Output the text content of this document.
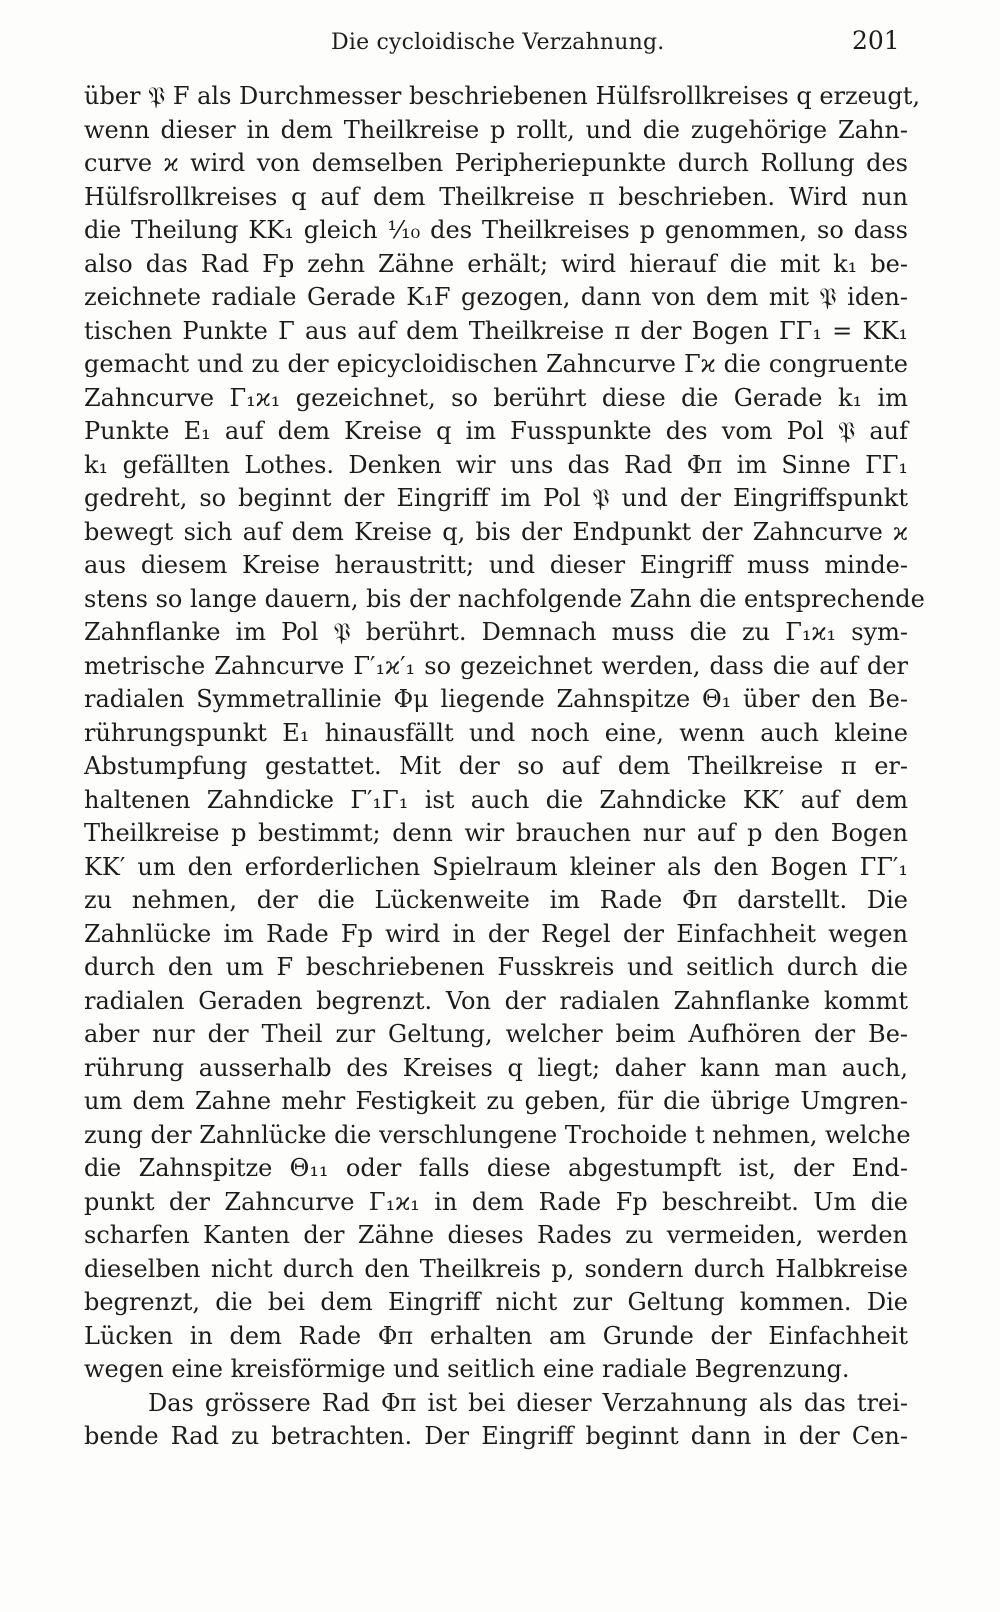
Die cycloidische Verzahnung.	201
über 𝔓 F als Durchmesser beschriebenen Hülfsrollkreises q erzeugt,
wenn dieser in dem Theilkreise p rollt, und die zugehörige Zahn-
curve ϰ wird von demselben Peripheriepunkte durch Rollung des
Hülfsrollkreises q auf dem Theilkreise π beschrieben. Wird nun
die Theilung KK₁ gleich ¹⁄₁₀ des Theilkreises p genommen, so dass
also das Rad Fp zehn Zähne erhält; wird hierauf die mit k₁ be-
zeichnete radiale Gerade K₁F gezogen, dann von dem mit 𝔓 iden-
tischen Punkte Γ aus auf dem Theilkreise π der Bogen ΓΓ₁ = KK₁
gemacht und zu der epicycloidischen Zahncurve Γϰ die congruente
Zahncurve Γ₁ϰ₁ gezeichnet, so berührt diese die Gerade k₁ im
Punkte E₁ auf dem Kreise q im Fusspunkte des vom Pol 𝔓 auf
k₁ gefällten Lothes. Denken wir uns das Rad Φπ im Sinne ΓΓ₁
gedreht, so beginnt der Eingriff im Pol 𝔓 und der Eingriffspunkt
bewegt sich auf dem Kreise q, bis der Endpunkt der Zahncurve ϰ
aus diesem Kreise heraustritt; und dieser Eingriff muss minde-
stens so lange dauern, bis der nachfolgende Zahn die entsprechende
Zahnflanke im Pol 𝔓 berührt. Demnach muss die zu Γ₁ϰ₁ sym-
metrische Zahncurve Γ′₁ϰ′₁ so gezeichnet werden, dass die auf der
radialen Symmetrallinie Φμ liegende Zahnspitze Θ₁ über den Be-
rührungspunkt E₁ hinausfällt und noch eine, wenn auch kleine
Abstumpfung gestattet. Mit der so auf dem Theilkreise π er-
haltenen Zahndicke Γ′₁Γ₁ ist auch die Zahndicke KK′ auf dem
Theilkreise p bestimmt; denn wir brauchen nur auf p den Bogen
KK′ um den erforderlichen Spielraum kleiner als den Bogen ΓΓ′₁
zu nehmen, der die Lückenweite im Rade Φπ darstellt. Die
Zahnlücke im Rade Fp wird in der Regel der Einfachheit wegen
durch den um F beschriebenen Fusskreis und seitlich durch die
radialen Geraden begrenzt. Von der radialen Zahnflanke kommt
aber nur der Theil zur Geltung, welcher beim Aufhören der Be-
rührung ausserhalb des Kreises q liegt; daher kann man auch,
um dem Zahne mehr Festigkeit zu geben, für die übrige Umgren-
zung der Zahnlücke die verschlungene Trochoide t nehmen, welche
die Zahnspitze Θ₁₁ oder falls diese abgestumpft ist, der End-
punkt der Zahncurve Γ₁ϰ₁ in dem Rade Fp beschreibt. Um die
scharfen Kanten der Zähne dieses Rades zu vermeiden, werden
dieselben nicht durch den Theilkreis p, sondern durch Halbkreise
begrenzt, die bei dem Eingriff nicht zur Geltung kommen. Die
Lücken in dem Rade Φπ erhalten am Grunde der Einfachheit
wegen eine kreisförmige und seitlich eine radiale Begrenzung.
Das grössere Rad Φπ ist bei dieser Verzahnung als das trei-
bende Rad zu betrachten. Der Eingriff beginnt dann in der Cen-
